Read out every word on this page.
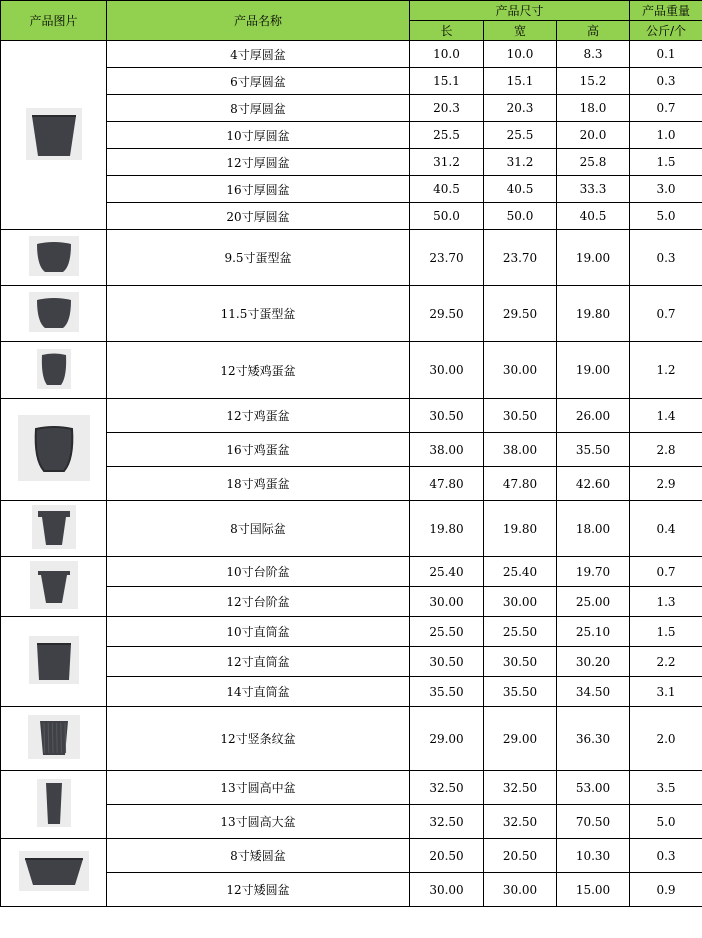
产品图片	产品名称	产品尺寸			产品重量
		长	宽	高	公斤/个

	4寸厚圆盆	10.0	10.0	8.3	0.1
	6寸厚圆盆	15.1	15.1	15.2	0.3
	8寸厚圆盆	20.3	20.3	18.0	0.7
	10寸厚圆盆	25.5	25.5	20.0	1.0
	12寸厚圆盆	31.2	31.2	25.8	1.5
	16寸厚圆盆	40.5	40.5	33.3	3.0
	20寸厚圆盆	50.0	50.0	40.5	5.0

	9.5寸蛋型盆	23.70	23.70	19.00	0.3

	11.5寸蛋型盆	29.50	29.50	19.80	0.7

	12寸矮鸡蛋盆	30.00	30.00	19.00	1.2

	12寸鸡蛋盆	30.50	30.50	26.00	1.4
	16寸鸡蛋盆	38.00	38.00	35.50	2.8
	18寸鸡蛋盆	47.80	47.80	42.60	2.9

	8寸国际盆	19.80	19.80	18.00	0.4

	10寸台阶盆	25.40	25.40	19.70	0.7
	12寸台阶盆	30.00	30.00	25.00	1.3

	10寸直筒盆	25.50	25.50	25.10	1.5
	12寸直筒盆	30.50	30.50	30.20	2.2
	14寸直筒盆	35.50	35.50	34.50	3.1

	12寸竖条纹盆	29.00	29.00	36.30	2.0

	13寸圆高中盆	32.50	32.50	53.00	3.5
	13寸圆高大盆	32.50	32.50	70.50	5.0

	8寸矮圆盆	20.50	20.50	10.30	0.3
	12寸矮圆盆	30.00	30.00	15.00	0.9
